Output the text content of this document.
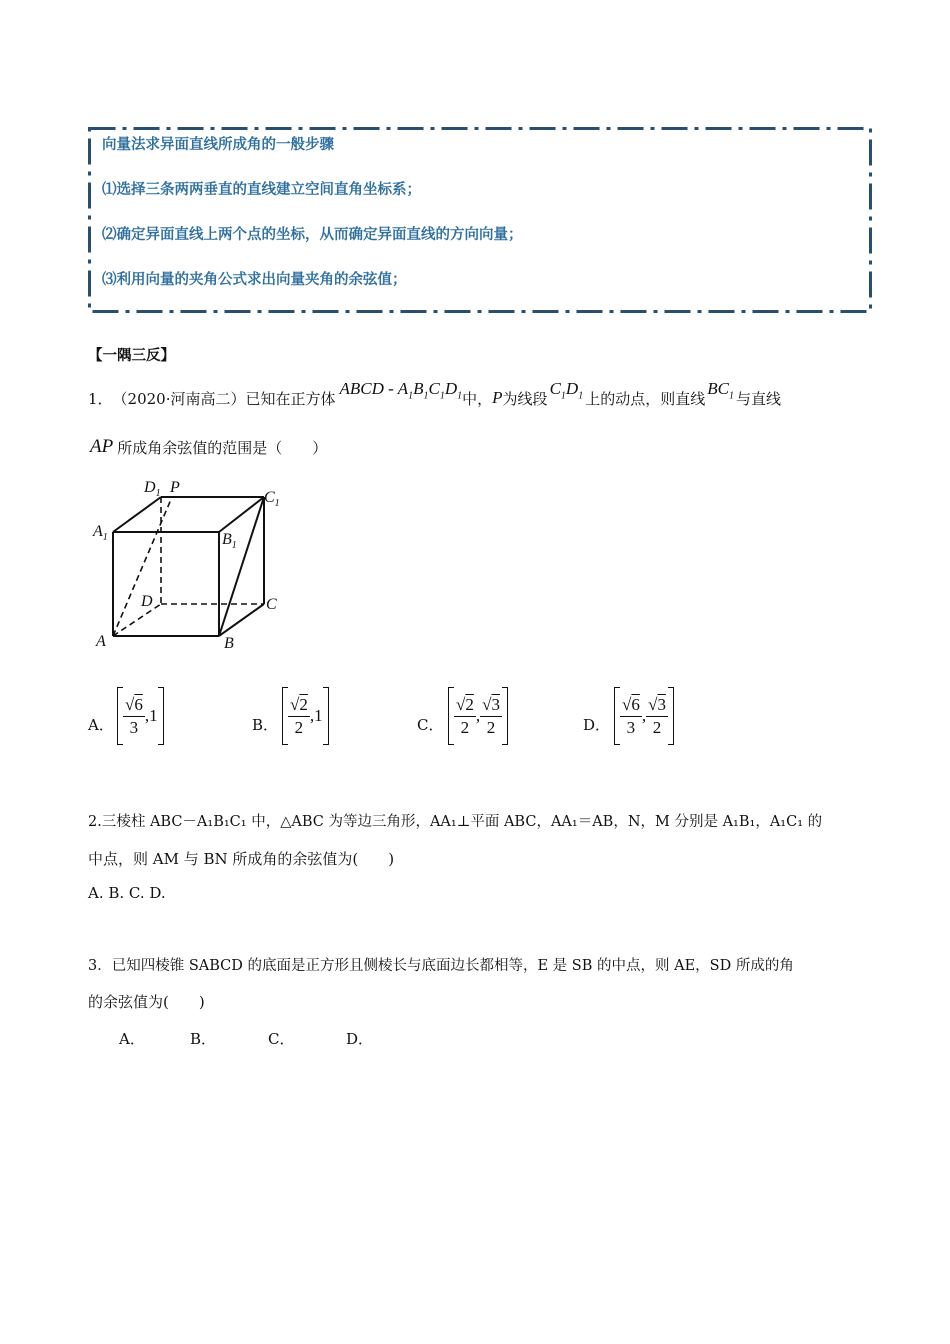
向量法求异面直线所成角的一般步骤
⑴选择三条两两垂直的直线建立空间直角坐标系；
⑵确定异面直线上两个点的坐标，从而确定异面直线的方向向量；
⑶利用向量的夹角公式求出向量夹角的余弦值；
【一隅三反】
1． （2020·河南高二）已知在正方体
ABCD - $A_1B_1C_1D_1$ 中， P 为线段
$C_1D_1$ 上的动点，则直线
$BC_1$ 与直线
AP 所成角余弦值的范围是（　　）
$D_1$ P
$C_1$
$A_1$	$B_1$
D	C
A	B
A． $\frac{√6}{3}$ , 1	B． $\frac{√2}{2}$ , 1	C． $\frac{√2}{2}$ , $\frac{√3}{2}$	D． $\frac{√6}{3}$ , $\frac{√3}{2}$
2.三棱柱 ABC－A₁B₁C₁ 中，△ABC 为等边三角形，AA₁⊥平面 ABC，AA₁＝AB，N，M 分别是 A₁B₁，A₁C₁ 的
中点，则 AM 与 BN 所成角的余弦值为(　　)
A. B. C. D.
3．已知四棱锥 SABCD 的底面是正方形且侧棱长与底面边长都相等，E 是 SB 的中点，则 AE，SD 所成的角
的余弦值为(　　)
A．	B．	C．	D．
